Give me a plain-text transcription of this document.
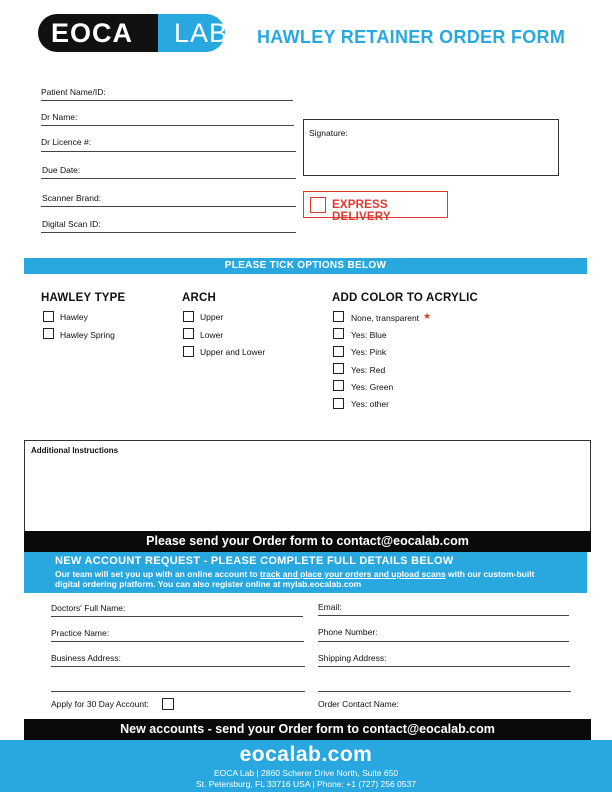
EOCA LAB HAWLEY RETAINER ORDER FORM
Patient Name/ID:
Dr Name:
Dr Licence #:
Due Date:
Scanner Brand:
Digital Scan ID:
Signature:
EXPRESS DELIVERY
PLEASE TICK OPTIONS BELOW
HAWLEY TYPE
Hawley
Hawley Spring
ARCH
Upper
Lower
Upper and Lower
ADD COLOR TO ACRYLIC
None, transparent ★
Yes: Blue
Yes: Pink
Yes: Red
Yes: Green
Yes: other
Additional Instructions
Please send your Order form to contact@eocalab.com
NEW ACCOUNT REQUEST - PLEASE COMPLETE FULL DETAILS BELOW
Our team will set you up with an online account to track and place your orders and upload scans with our custom-built digital ordering platform. You can also register online at mylab.eocalab.com
Doctors' Full Name:	Email:
Practice Name:	Phone Number:
Business Address:	Shipping Address:
Apply for 30 Day Account:	Order Contact Name:
New accounts - send your Order form to contact@eocalab.com
eocalab.com
EOCA Lab | 2860 Scherer Drive North, Suite 650
St. Petersburg, FL 33716 USA | Phone: +1 (727) 256 0537
